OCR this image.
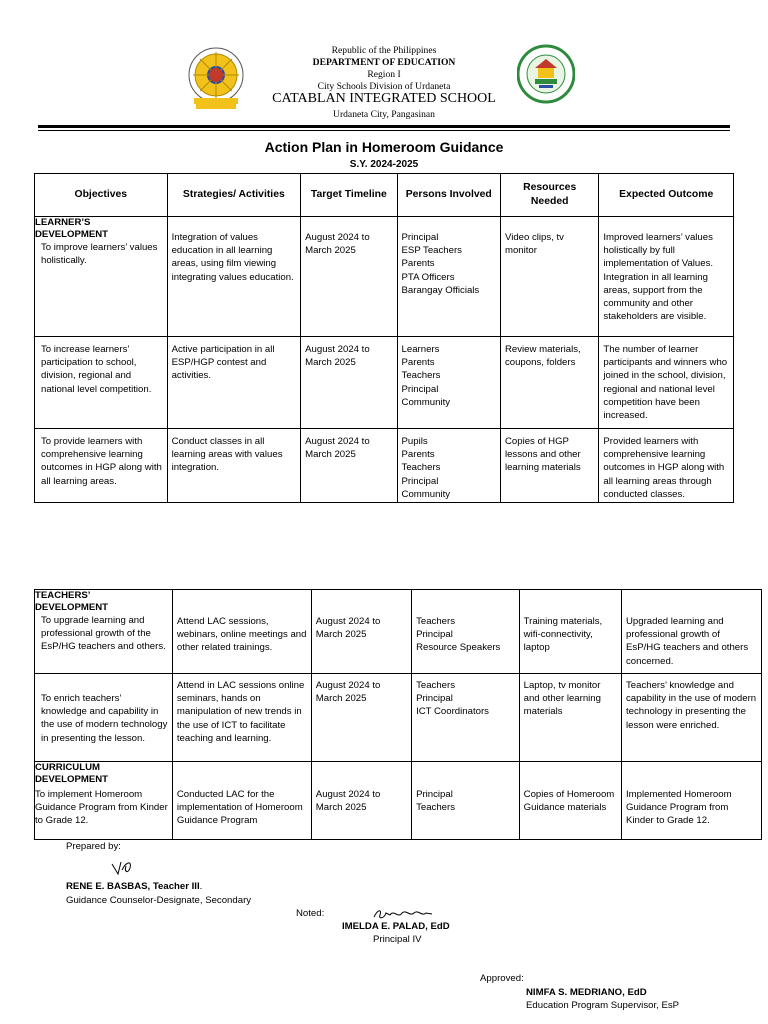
Republic of the Philippines
DEPARTMENT OF EDUCATION
Region I
City Schools Division of Urdaneta
CATABLAN INTEGRATED SCHOOL
Urdaneta City, Pangasinan
Action Plan in Homeroom Guidance
S.Y. 2024-2025
Objectives	Strategies/ Activities	Target Timeline	Persons Involved	Resources Needed	Expected Outcome

LEARNER’S DEVELOPMENT
To improve learners’ values holistically.	Integration of values education in all learning areas, using film viewing integrating values education.	August 2024 to March 2025	Principal
ESP Teachers
Parents
PTA Officers
Barangay Officials	Video clips, tv monitor	Improved learners’ values holistically by full implementation of Values. Integration in all learning areas, support from the community and other stakeholders are visible.
To increase learners’ participation to school, division, regional and national level competition.	Active participation in all ESP/HGP contest and activities.	August 2024 to March 2025	Learners
Parents
Teachers
Principal
Community	Review materials, coupons, folders	The number of learner participants and winners who joined in the school, division, regional and national level competition have been increased.
To provide learners with comprehensive learning outcomes in HGP along with all learning areas.	Conduct classes in all learning areas with values integration.	August 2024 to March 2025	Pupils
Parents
Teachers
Principal
Community	Copies of HGP lessons and other learning materials	Provided learners with comprehensive learning outcomes in HGP along with all learning areas through conducted classes.
TEACHERS’ DEVELOPMENT
To upgrade learning and professional growth of the EsP/HG teachers and others.	Attend LAC sessions, webinars, online meetings and other related trainings.	August 2024 to March 2025	Teachers
Principal
Resource Speakers	Training materials, wifi-connectivity, laptop	Upgraded learning and professional growth of EsP/HG teachers and others concerned.
To enrich teachers’ knowledge and capability in the use of modern technology in presenting the lesson.	Attend in LAC sessions online seminars, hands on manipulation of new trends in the use of ICT to facilitate teaching and learning.	August 2024 to March 2025	Teachers
Principal
ICT Coordinators	Laptop, tv monitor and other learning materials	Teachers’ knowledge and capability in the use of modern technology in presenting the lesson were enriched.

CURRICULUM DEVELOPMENT
To implement Homeroom Guidance Program from Kinder to Grade 12.	Conducted LAC for the implementation of Homeroom Guidance Program	August 2024 to March 2025	Principal
Teachers	Copies of Homeroom Guidance materials	Implemented Homeroom Guidance Program from Kinder to Grade 12.
Prepared by:
RENE E. BASBAS, Teacher III.
Guidance Counselor-Designate, Secondary
Noted:
IMELDA E. PALAD, EdD
Principal IV
Approved:
NIMFA S. MEDRIANO, EdD
Education Program Supervisor, EsP
